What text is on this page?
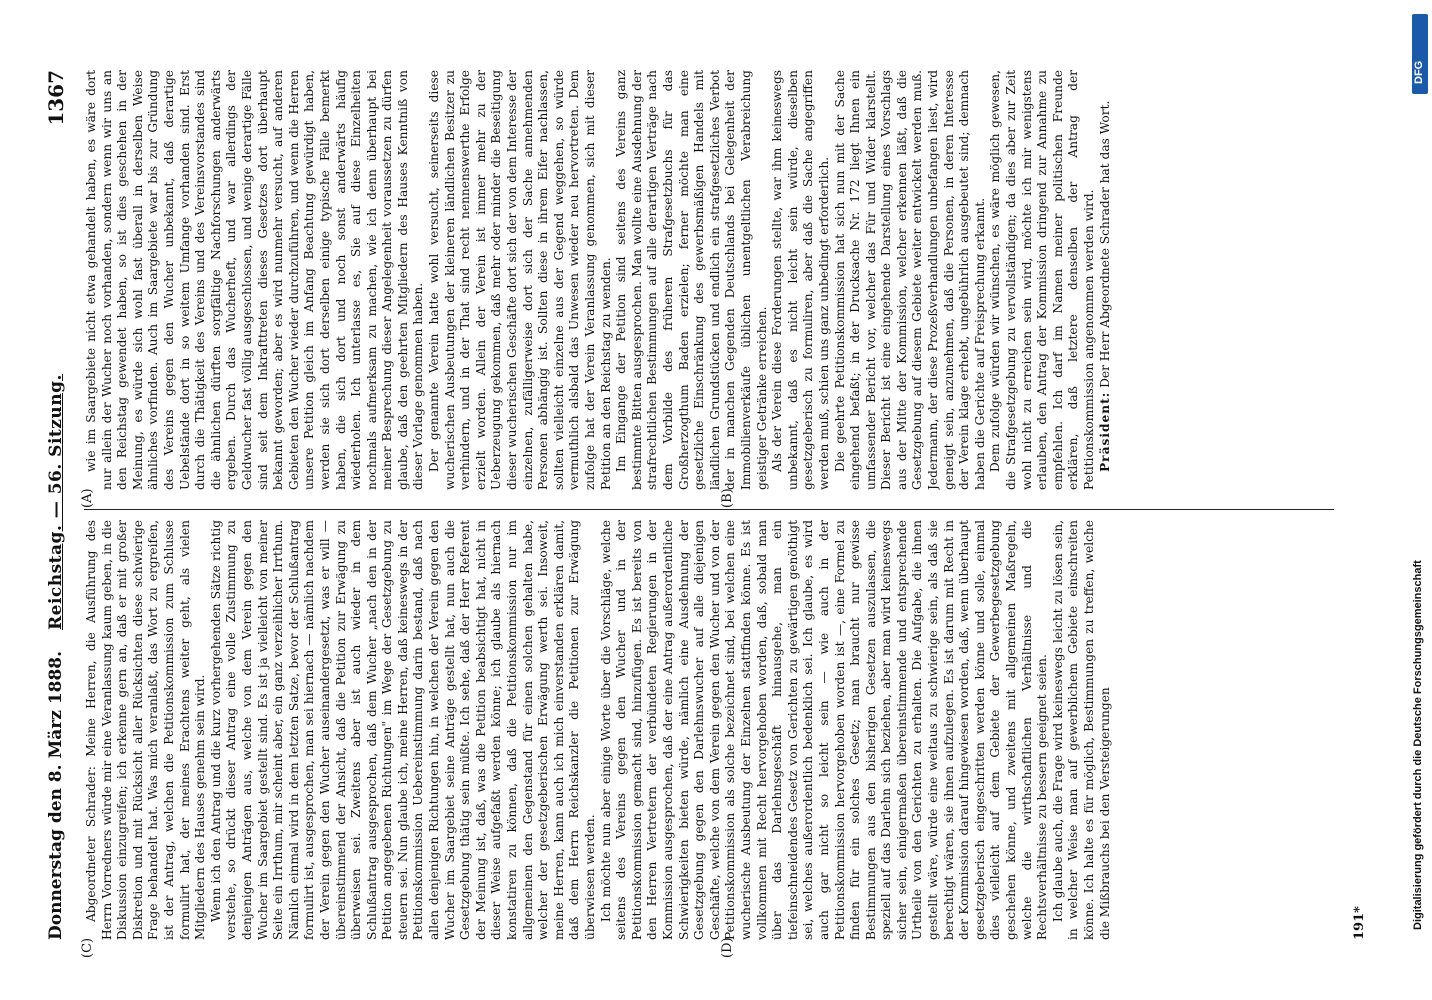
Reichstag. — 56. Sitzung.
Donnerstag den 8. März 1888.
1367
(A)	(B)
(C)	(D)

wie im Saargebiete nicht etwa gehandelt haben, es wäre dort nur allein der Wucher noch vorhanden, sondern wenn wir uns an den Reichstag gewendet haben, so ist dies geschehen in der Meinung, es würde sich wohl fast überall in derselben Weise ähnliches vorfinden. Auch im Saargebiete war bis zur Gründung des Vereins gegen den Wucher unbekannt, daß derartige Uebelstände dort in so weitem Umfange vorhanden sind. Erst durch die Thätigkeit des Vereins und des Vereinsvorstandes sind die ähnlichen dürften sorgfältige Nachforschungen anderwärts ergeben. Durch das Wucherheft, und war allerdings der Geldwucher fast völlig ausgeschlossen, und wenige derartige Fälle sind seit dem Inkrafttreten dieses Gesetzes dort überhaupt bekannt geworden; aber es wird nunmehr versucht, auf anderen Gebieten den Wucher wieder durchzuführen, und wenn die Herren unsere Petition gleich im Anfang Beachtung gewürdigt haben, werden sie sich dort derselben einige typische Fälle bemerkt haben, die sich dort und noch sonst anderwärts häufig wiederholen. Ich unterlasse es, Sie auf diese Einzelheiten nochmals aufmerksam zu machen, wie ich denn überhaupt bei meiner Besprechung dieser Angelegenheit voraussetzen zu dürfen glaube, daß den geehrten Mitgliedern des Hauses Kenntniß von dieser Vorlage genommen haben. Der genannte Verein hatte wohl versucht, seinerseits diese wucherischen Ausbeutungen der kleineren ländlichen Besitzer zu verhindern, und in der That sind recht nennenswerthe Erfolge erzielt worden. Allein der Verein ist immer mehr zu der Ueberzeugung gekommen, daß mehr oder minder die Beseitigung dieser wucherischen Geschäfte dort sich der von dem Interesse der einzelnen, zufälligerweise dort sich der Sache annehmenden Personen abhängig ist. Sollten diese in ihrem Eifer nachlassen, sollten vielleicht einzelne aus der Gegend weggehen, so würde vermuthlich alsbald das Unwesen wieder neu hervortreten. Dem zufolge hat der Verein Veranlassung genommen, sich mit dieser Petition an den Reichstag zu wenden. Im Eingange der Petition sind seitens des Vereins ganz bestimmte Bitten ausgesprochen. Man wollte eine Ausdehnung der strafrechtlichen Bestimmungen auf alle derartigen Verträge nach dem Vorbilde des früheren Strafgesetzbuchs für das Großherzogthum Baden erzielen; ferner möchte man eine gesetzliche Einschränkung des gewerbsmäßigen Handels mit ländlichen Grundstücken und endlich ein strafgesetzliches Verbot der in manchen Gegenden Deutschlands bei Gelegenheit der Immobilienverkäufe üblichen unentgeltlichen Verabreichung geistiger Getränke erreichen. Als der Verein diese Forderungen stellte, war ihm keineswegs unbekannt, daß es nicht leicht sein würde, dieselben gesetzgeberisch zu formuliren, aber daß die Sache angegriffen werden muß, schien uns ganz unbedingt erforderlich. Die geehrte Petitionskommission hat sich nun mit der Sache eingehend befaßt; in der Drucksache Nr. 172 liegt Ihnen ein umfassender Bericht vor, welcher das Für und Wider klarstellt. Dieser Bericht ist eine eingehende Darstellung eines Vorschlags aus der Mitte der Kommission, welcher erkennen läßt, daß die Gesetzgebung auf diesem Gebiete weiter entwickelt werden muß. Jedermann, der diese Prozeßverhandlungen unbefangen liest, wird geneigt sein, anzunehmen, daß die Personen, in deren Interesse der Verein klage erhebt, ungebührlich ausgebeutet sind; demnach haben die Gerichte auf Freisprechung erkannt. Dem zufolge würden wir wünschen, es wäre möglich gewesen, die Strafgesetzgebung zu vervollständigen; da dies aber zur Zeit wohl nicht zu erreichen sein wird, möchte ich mir wenigstens erlauben, den Antrag der Kommission dringend zur Annahme zu empfehlen. Ich darf im Namen meiner politischen Freunde erklären, daß letztere denselben der Antrag der Petitionskommission angenommen werden wird. Präsident: Der Herr Abgeordnete Schrader hat das Wort.

Abgeordneter Schrader: Meine Herren, die Ausführung des Herrn Vorredners würde mir eine Veranlassung kaum geben, in die Diskussion einzugreifen; ich erkenne gern an, daß er mit großer Diskretion und mit Rücksicht aller Rücksichten diese schwierige Frage behandelt hat. Was mich veranlaßt, das Wort zu ergreifen, ist der Antrag, welchen die Petitionskommission zum Schlusse formulirt hat, der meines Erachtens weiter geht, als vielen Mitgliedern des Hauses genehm sein wird. Wenn ich den Antrag und die kurz vorhergehenden Sätze richtig verstehe, so drückt dieser Antrag eine volle Zustimmung zu denjenigen Anträgen aus, welche von dem Verein gegen den Wucher im Saargebiet gestellt sind. Es ist ja vielleicht von meiner Seite ein Irrthum, mir scheint aber, ein ganz verzeihlicher Irrthum. Nämlich einmal wird in dem letzten Satze, bevor der Schlußantrag formulirt ist, ausgesprochen, man sei hiernach — nämlich nachdem der Verein gegen den Wucher auseinandergesetzt, was er will — übereinstimmend der Ansicht, daß die Petition zur Erwägung zu überweisen sei. Zweitens aber ist auch wieder in dem Schlußantrag ausgesprochen, daß dem Wucher „nach den in der Petition angegebenen Richtungen" im Wege der Gesetzgebung zu steuern sei. Nun glaube ich, meine Herren, daß keineswegs in der Petitionskommission Uebereinstimmung darin bestand, daß nach allen denjenigen Richtungen hin, in welchen der Verein gegen den Wucher im Saargebiet seine Anträge gestellt hat, nun auch die Gesetzgebung thätig sein müßte. Ich sehe, daß der Herr Referent der Meinung ist, daß, was die Petition beabsichtigt hat, nicht in dieser Weise aufgefaßt werden könne; ich glaube als hiernach konstatiren zu können, daß die Petitionskommission nur im allgemeinen den Gegenstand für einen solchen gehalten habe, welcher der gesetzgeberischen Erwägung werth sei. Insoweit, meine Herren, kann auch ich mich einverstanden erklären damit, daß dem Herrn Reichskanzler die Petitionen zur Erwägung überwiesen werden. Ich möchte nun aber einige Worte über die Vorschläge, welche seitens des Vereins gegen den Wucher und in der Petitionskommission gemacht sind, hinzufügen. Es ist bereits von den Herren Vertretern der verbündeten Regierungen in der Kommission ausgesprochen, daß der eine Antrag außerordentliche Schwierigkeiten bieten würde, nämlich eine Ausdehnung der Gesetzgebung gegen den Darlehnswucher auf alle diejenigen Geschäfte, welche von dem Verein gegen den Wucher und von der Petitionskommission als solche bezeichnet sind, bei welchen eine wucherische Ausbeutung der Einzelnen stattfinden könne. Es ist vollkommen mit Recht hervorgehoben worden, daß, sobald man über das Darlehnsgeschäft hinausgehe, man ein tiefeinschneidendes Gesetz von Gerichten zu gewärtigen genöthigt sei, welches außerordentlich bedenklich sei. Ich glaube, es wird auch gar nicht so leicht sein — wie auch in der Petitionskommission hervorgehoben worden ist —, eine Formel zu finden für ein solches Gesetz; man braucht nur gewisse Bestimmungen aus den bisherigen Gesetzen auszulassen, die speziell auf das Darlehn sich beziehen, aber man wird keineswegs sicher sein, einigermaßen übereinstimmende und entsprechende Urtheile von den Gerichten zu erhalten. Die Aufgabe, die ihnen gestellt wäre, würde eine weitaus zu schwierige sein, als daß sie berechtigt wären, sie ihnen aufzulegen. Es ist darum mit Recht in der Kommission darauf hingewiesen worden, daß, wenn überhaupt gesetzgeberisch eingeschritten werden könne und solle, einmal dies vielleicht auf dem Gebiete der Gewerbegesetzgebung geschehen könne, und zweitens mit allgemeinen Maßregeln, welche die wirthschaftlichen Verhältnisse und die Rechtsverhältnisse zu bessern geeignet seien. Ich glaube auch, die Frage wird keineswegs leicht zu lösen sein, in welcher Weise man auf gewerblichem Gebiete einschreiten könne. Ich halte es für möglich, Bestimmungen zu treffen, welche die Mißbrauchs bei den Versteigerungen	191*
DFG
Digitalisierung gefördert durch die Deutsche Forschungsgemeinschaft
